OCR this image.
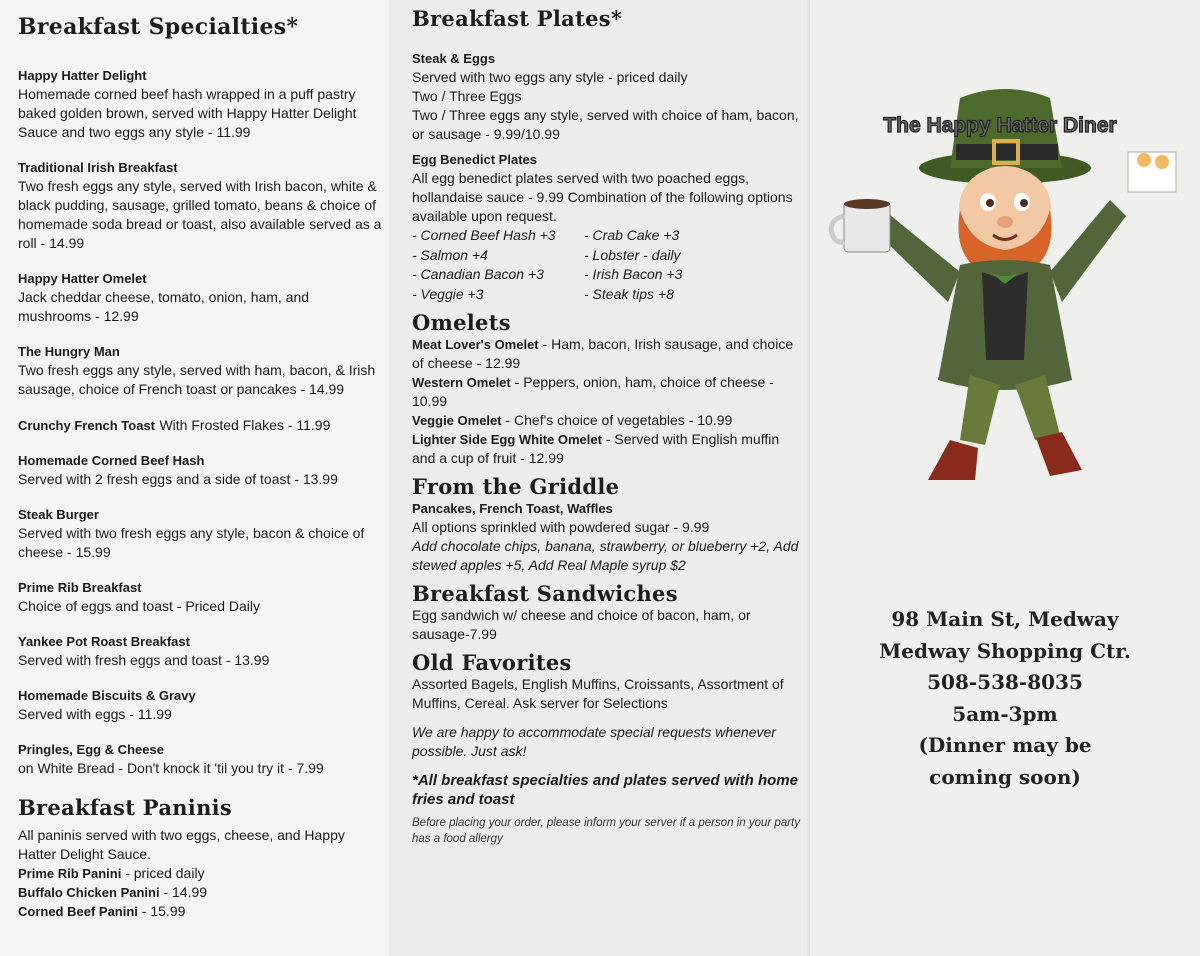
Breakfast Specialties*
Happy Hatter Delight
Homemade corned beef hash wrapped in a puff pastry baked golden brown, served with Happy Hatter Delight Sauce and two eggs any style - 11.99
Traditional Irish Breakfast
Two fresh eggs any style, served with Irish bacon, white & black pudding, sausage, grilled tomato, beans & choice of homemade soda bread or toast, also available served as a roll - 14.99
Happy Hatter Omelet
Jack cheddar cheese, tomato, onion, ham, and mushrooms - 12.99
The Hungry Man
Two fresh eggs any style, served with ham, bacon, & Irish sausage, choice of French toast or pancakes - 14.99
Crunchy French Toast With Frosted Flakes - 11.99
Homemade Corned Beef Hash
Served with 2 fresh eggs and a side of toast - 13.99
Steak Burger
Served with two fresh eggs any style, bacon & choice of cheese - 15.99
Prime Rib Breakfast
Choice of eggs and toast - Priced Daily
Yankee Pot Roast Breakfast
Served with fresh eggs and toast - 13.99
Homemade Biscuits & Gravy
Served with eggs - 11.99
Pringles, Egg & Cheese
on White Bread - Don't knock it 'til you try it - 7.99
Breakfast Paninis
All paninis served with two eggs, cheese, and Happy Hatter Delight Sauce.
Prime Rib Panini - priced daily
Buffalo Chicken Panini - 14.99
Corned Beef Panini - 15.99
Breakfast Plates*
Steak & Eggs
Served with two eggs any style - priced daily
Two / Three Eggs
Two / Three eggs any style, served with choice of ham, bacon, or sausage - 9.99/10.99
Egg Benedict Plates
All egg benedict plates served with two poached eggs, hollandaise sauce - 9.99 Combination of the following options available upon request.
- Corned Beef Hash +3	- Crab Cake +3
- Salmon +4	- Lobster - daily
- Canadian Bacon +3	- Irish Bacon +3
- Veggie +3	- Steak tips +8
Omelets
Meat Lover's Omelet - Ham, bacon, Irish sausage, and choice of cheese - 12.99
Western Omelet - Peppers, onion, ham, choice of cheese - 10.99
Veggie Omelet - Chef's choice of vegetables - 10.99
Lighter Side Egg White Omelet - Served with English muffin and a cup of fruit - 12.99
From the Griddle
Pancakes, French Toast, Waffles
All options sprinkled with powdered sugar - 9.99
Add chocolate chips, banana, strawberry, or blueberry +2, Add stewed apples +5, Add Real Maple syrup $2
Breakfast Sandwiches
Egg sandwich w/ cheese and choice of bacon, ham, or sausage-7.99
Old Favorites
Assorted Bagels, English Muffins, Croissants, Assortment of Muffins, Cereal. Ask server for Selections
We are happy to accommodate special requests whenever possible. Just ask!
*All breakfast specialties and plates served with home fries and toast
Before placing your order, please inform your server if a person in your party has a food allergy
The Happy Hatter Diner
98 Main St, Medway
Medway Shopping Ctr.
508-538-8035
5am-3pm
(Dinner may be
coming soon)
